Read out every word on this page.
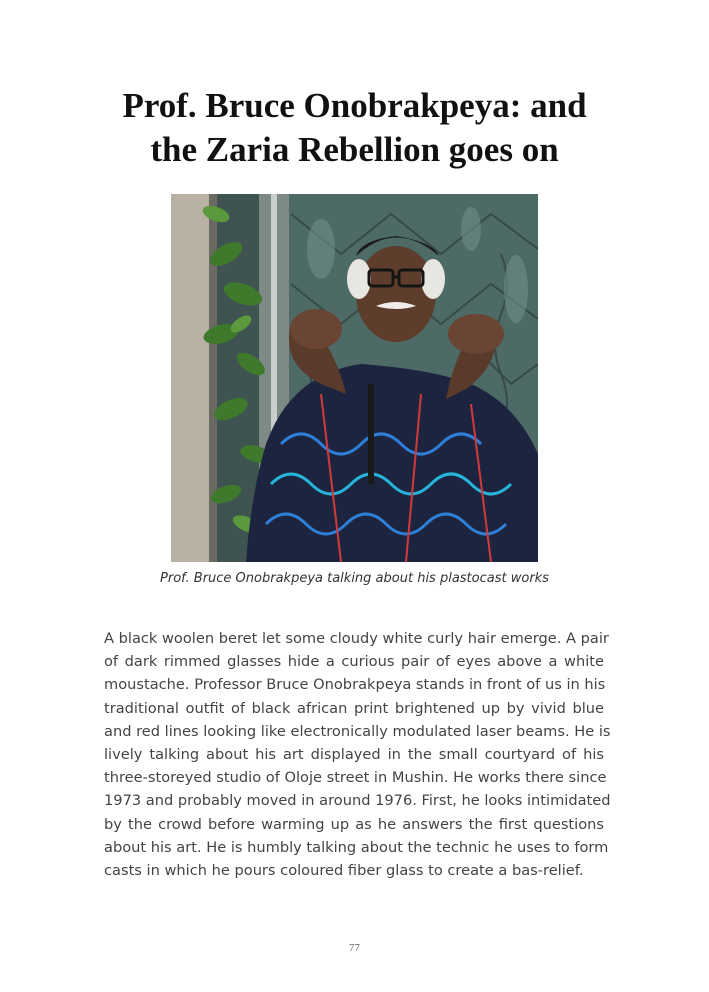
Prof. Bruce Onobrakpeya: and
the Zaria Rebellion goes on
Prof. Bruce Onobrakpeya talking about his plastocast works

A black woolen beret let some cloudy white curly hair emerge. A pair
of dark rimmed glasses hide a curious pair of eyes above a white
moustache. Professor Bruce Onobrakpeya stands in front of us in his
traditional outfit of black african print brightened up by vivid blue
and red lines looking like electronically modulated laser beams. He is
lively talking about his art displayed in the small courtyard of his
three-storeyed studio of Oloje street in Mushin. He works there since
1973 and probably moved in around 1976. First, he looks intimidated
by the crowd before warming up as he answers the first questions
about his art. He is humbly talking about the technic he uses to form
casts in which he pours coloured fiber glass to create a bas-relief.

77
